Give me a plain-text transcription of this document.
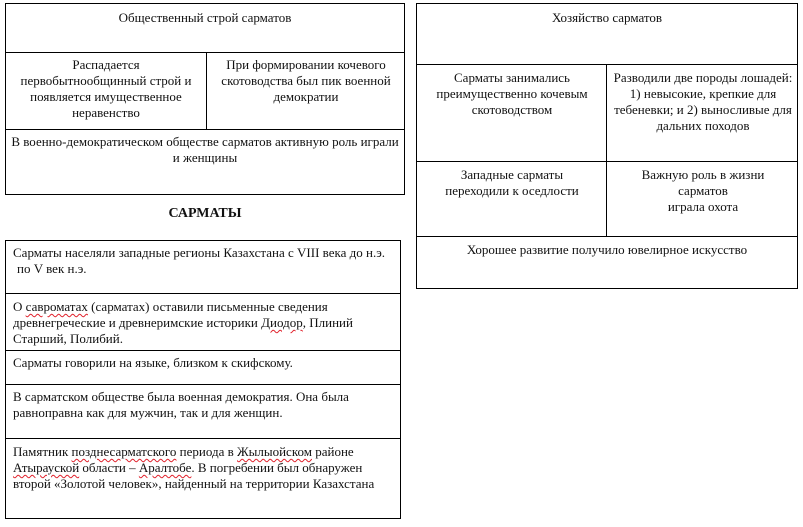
Общественный строй сарматов
Распадается первобытнообщинный строй и появляется имущественное неравенство
При формировании кочевого скотоводства был пик военной демократии
В военно-демократическом обществе сарматов активную роль играли и женщины
Хозяйство сарматов
Сарматы занимались преимущественно кочевым скотоводством
Разводили две породы лошадей:
1) невысокие, крепкие для тебеневки; и 2) выносливые для дальних походов
Западные сарматы переходили к оседлости
Важную роль в жизни сарматов
играла охота
Хорошее развитие получило ювелирное искусство
САРМАТЫ
Сарматы населяли западные регионы Казахстана с VIII века до н.э.
по V век н.э.
О савроматах (сарматах) оставили письменные сведения древнегреческие и древнеримские историки Диодор, Плиний Старший, Полибий.
Сарматы говорили на языке, близком к скифскому.
В сарматском обществе была военная демократия. Она была равноправна как для мужчин, так и для женщин.
Памятник позднесарматского периода в Жылыойском районе Атырауской области – Аралтобе. В погребении был обнаружен второй «Золотой человек», найденный на территории Казахстана
